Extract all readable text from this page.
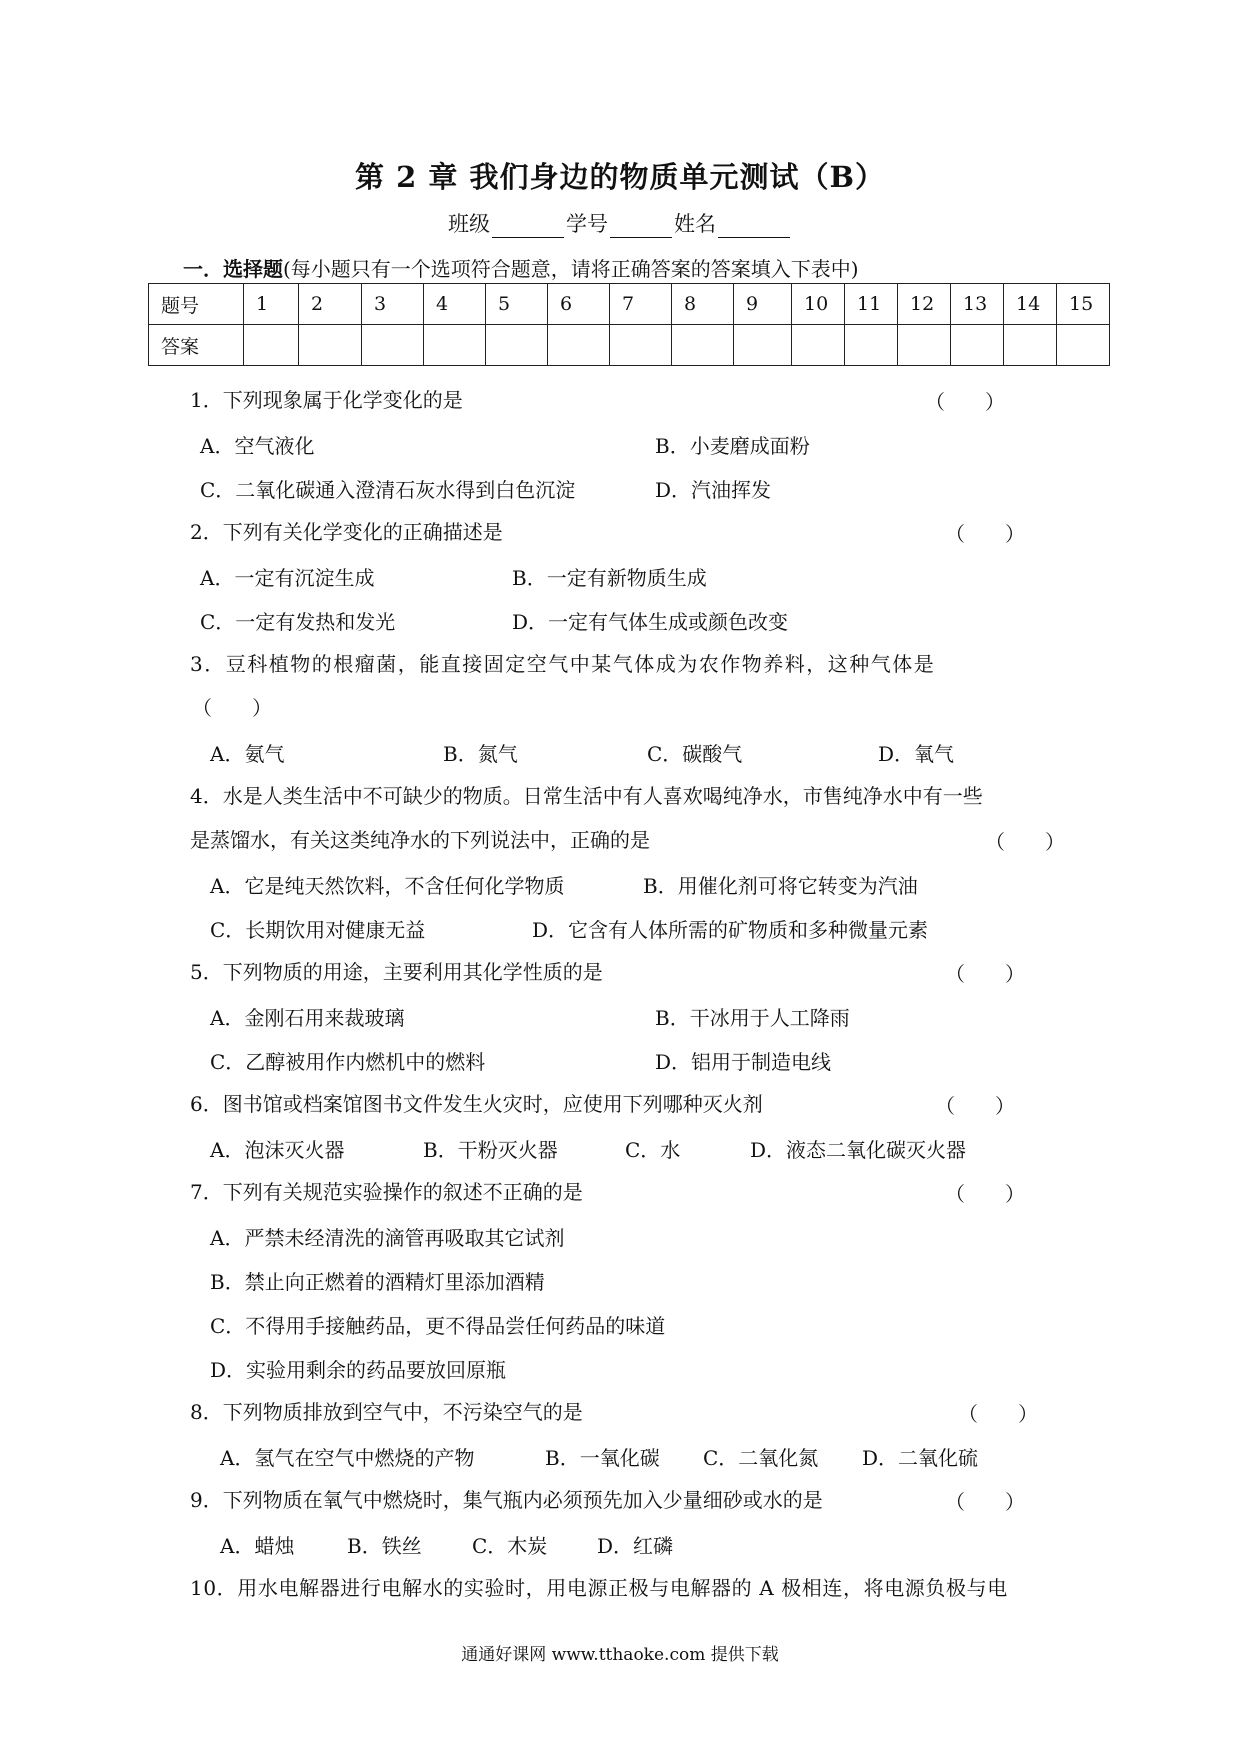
第 2 章 我们身边的物质单元测试（B）
班级	学号	姓名
一．选择题(每小题只有一个选项符合题意，请将正确答案的答案填入下表中)
题号	1	2	3	4	5	6	7	8	9	10	11	12	13	14	15
答案															
1．下列现象属于化学变化的是	（　　）
A．空气液化	B．小麦磨成面粉
C．二氧化碳通入澄清石灰水得到白色沉淀	D．汽油挥发
2．下列有关化学变化的正确描述是	（　　）
A．一定有沉淀生成	B．一定有新物质生成
C．一定有发热和发光	D．一定有气体生成或颜色改变
3．豆科植物的根瘤菌，能直接固定空气中某气体成为农作物养料，这种气体是
（　　）
A．氨气	B．氮气	C．碳酸气	D．氧气
4．水是人类生活中不可缺少的物质。日常生活中有人喜欢喝纯净水，市售纯净水中有一些
是蒸馏水，有关这类纯净水的下列说法中，正确的是	（　　）
A．它是纯天然饮料，不含任何化学物质	B．用催化剂可将它转变为汽油
C．长期饮用对健康无益	D．它含有人体所需的矿物质和多种微量元素
5．下列物质的用途，主要利用其化学性质的是	（　　）
A．金刚石用来裁玻璃	B．干冰用于人工降雨
C．乙醇被用作内燃机中的燃料	D．铝用于制造电线
6．图书馆或档案馆图书文件发生火灾时，应使用下列哪种灭火剂	（　　）
A．泡沫灭火器	B．干粉灭火器	C．水	D．液态二氧化碳灭火器
7．下列有关规范实验操作的叙述不正确的是	（　　）
A．严禁未经清洗的滴管再吸取其它试剂
B．禁止向正燃着的酒精灯里添加酒精
C．不得用手接触药品，更不得品尝任何药品的味道
D．实验用剩余的药品要放回原瓶
8．下列物质排放到空气中，不污染空气的是	（　　）
A．氢气在空气中燃烧的产物	B．一氧化碳 C．二氧化氮 D．二氧化硫
9．下列物质在氧气中燃烧时，集气瓶内必须预先加入少量细砂或水的是	（　　）
A．蜡烛	B．铁丝	C．木炭 D．红磷
10．用水电解器进行电解水的实验时，用电源正极与电解器的 A 极相连，将电源负极与电
通通好课网 www.tthaoke.com 提供下载
